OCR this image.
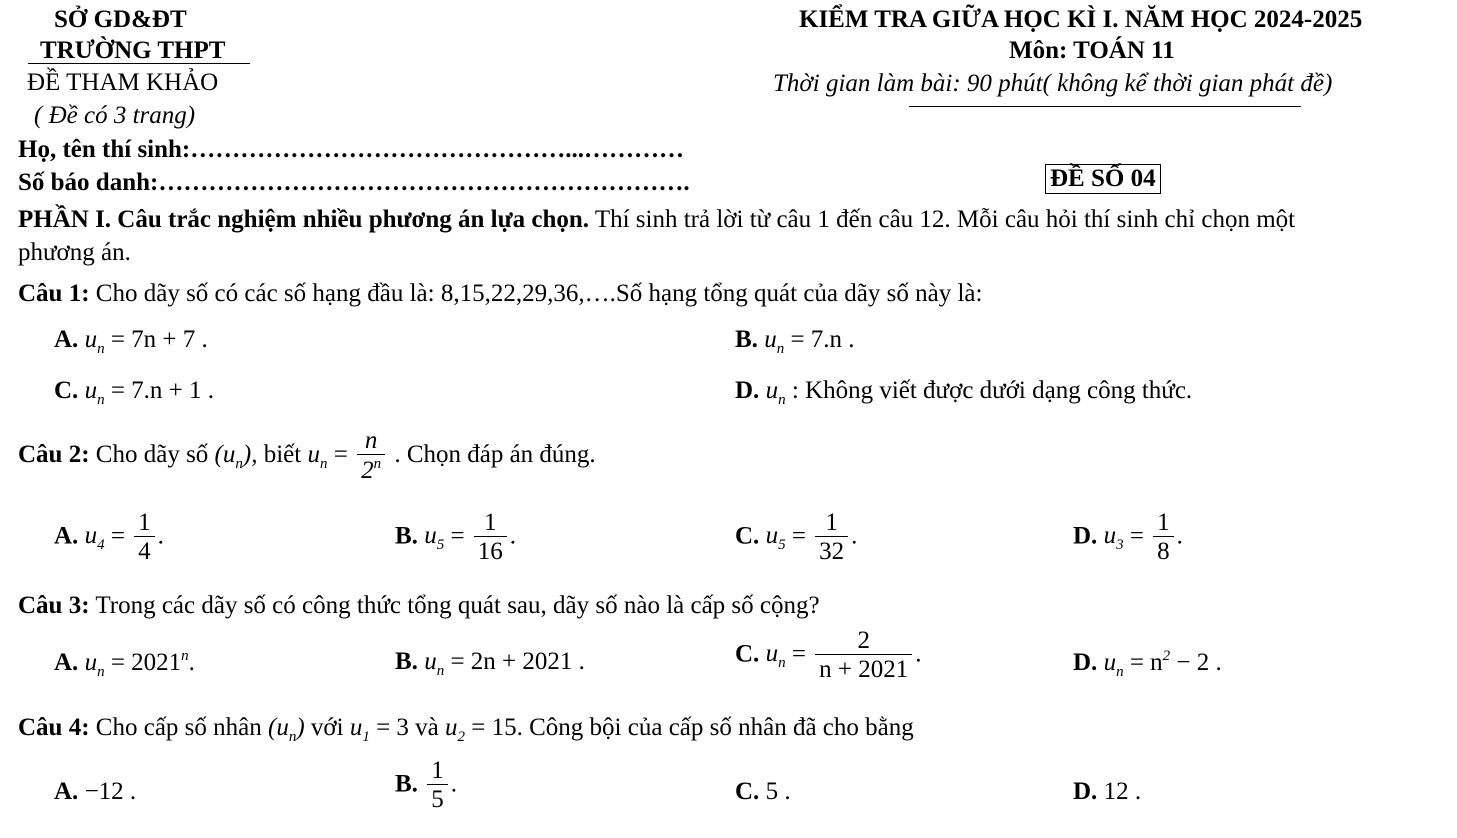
SỞ GD&ĐT
TRƯỜNG THPT
ĐỀ THAM KHẢO
( Đề có 3 trang)
KIỂM TRA GIỮA HỌC KÌ I. NĂM HỌC 2024-2025
Môn: TOÁN 11
Thời gian làm bài: 90 phút( không kể thời gian phát đề)
Họ, tên thí sinh:………………………………………...…………
Số báo danh:……………………………………………………….	ĐỀ SỐ 04
PHẦN I. Câu trắc nghiệm nhiều phương án lựa chọn. Thí sinh trả lời từ câu 1 đến câu 12. Mỗi câu hỏi thí sinh chỉ chọn một
phương án.
Câu 1: Cho dãy số có các số hạng đầu là: 8,15,22,29,36,….Số hạng tổng quát của dãy số này là:
A. $u_n = 7n + 7$ .	B. $u_n = 7.n$ .
C. $u_n = 7.n + 1$ .	D. $u_n$ : Không viết được dưới dạng công thức.
Câu 2: Cho dãy số $(u_n)$, biết $u_n = \frac{n}{2^n}$ . Chọn đáp án đúng.
A. $u_4 = \frac{1}{4}$ .	B. $u_5 = \frac{1}{16}$ .	C. $u_5 = \frac{1}{32}$ .	D. $u_3 = \frac{1}{8}$ .
Câu 3: Trong các dãy số có công thức tổng quát sau, dãy số nào là cấp số cộng?
A. $u_n = 2021^n$.	B. $u_n = 2n + 2021$ .	C. $u_n = \frac{2}{n + 2021}$ .	D. $u_n = n^2 - 2$ .
Câu 4: Cho cấp số nhân $(u_n)$ với $u_1 = 3$ và $u_2 = 15$. Công bội của cấp số nhân đã cho bằng
A. −12 .	B. $\frac{1}{5}$ .	C. 5 .	D. 12 .
